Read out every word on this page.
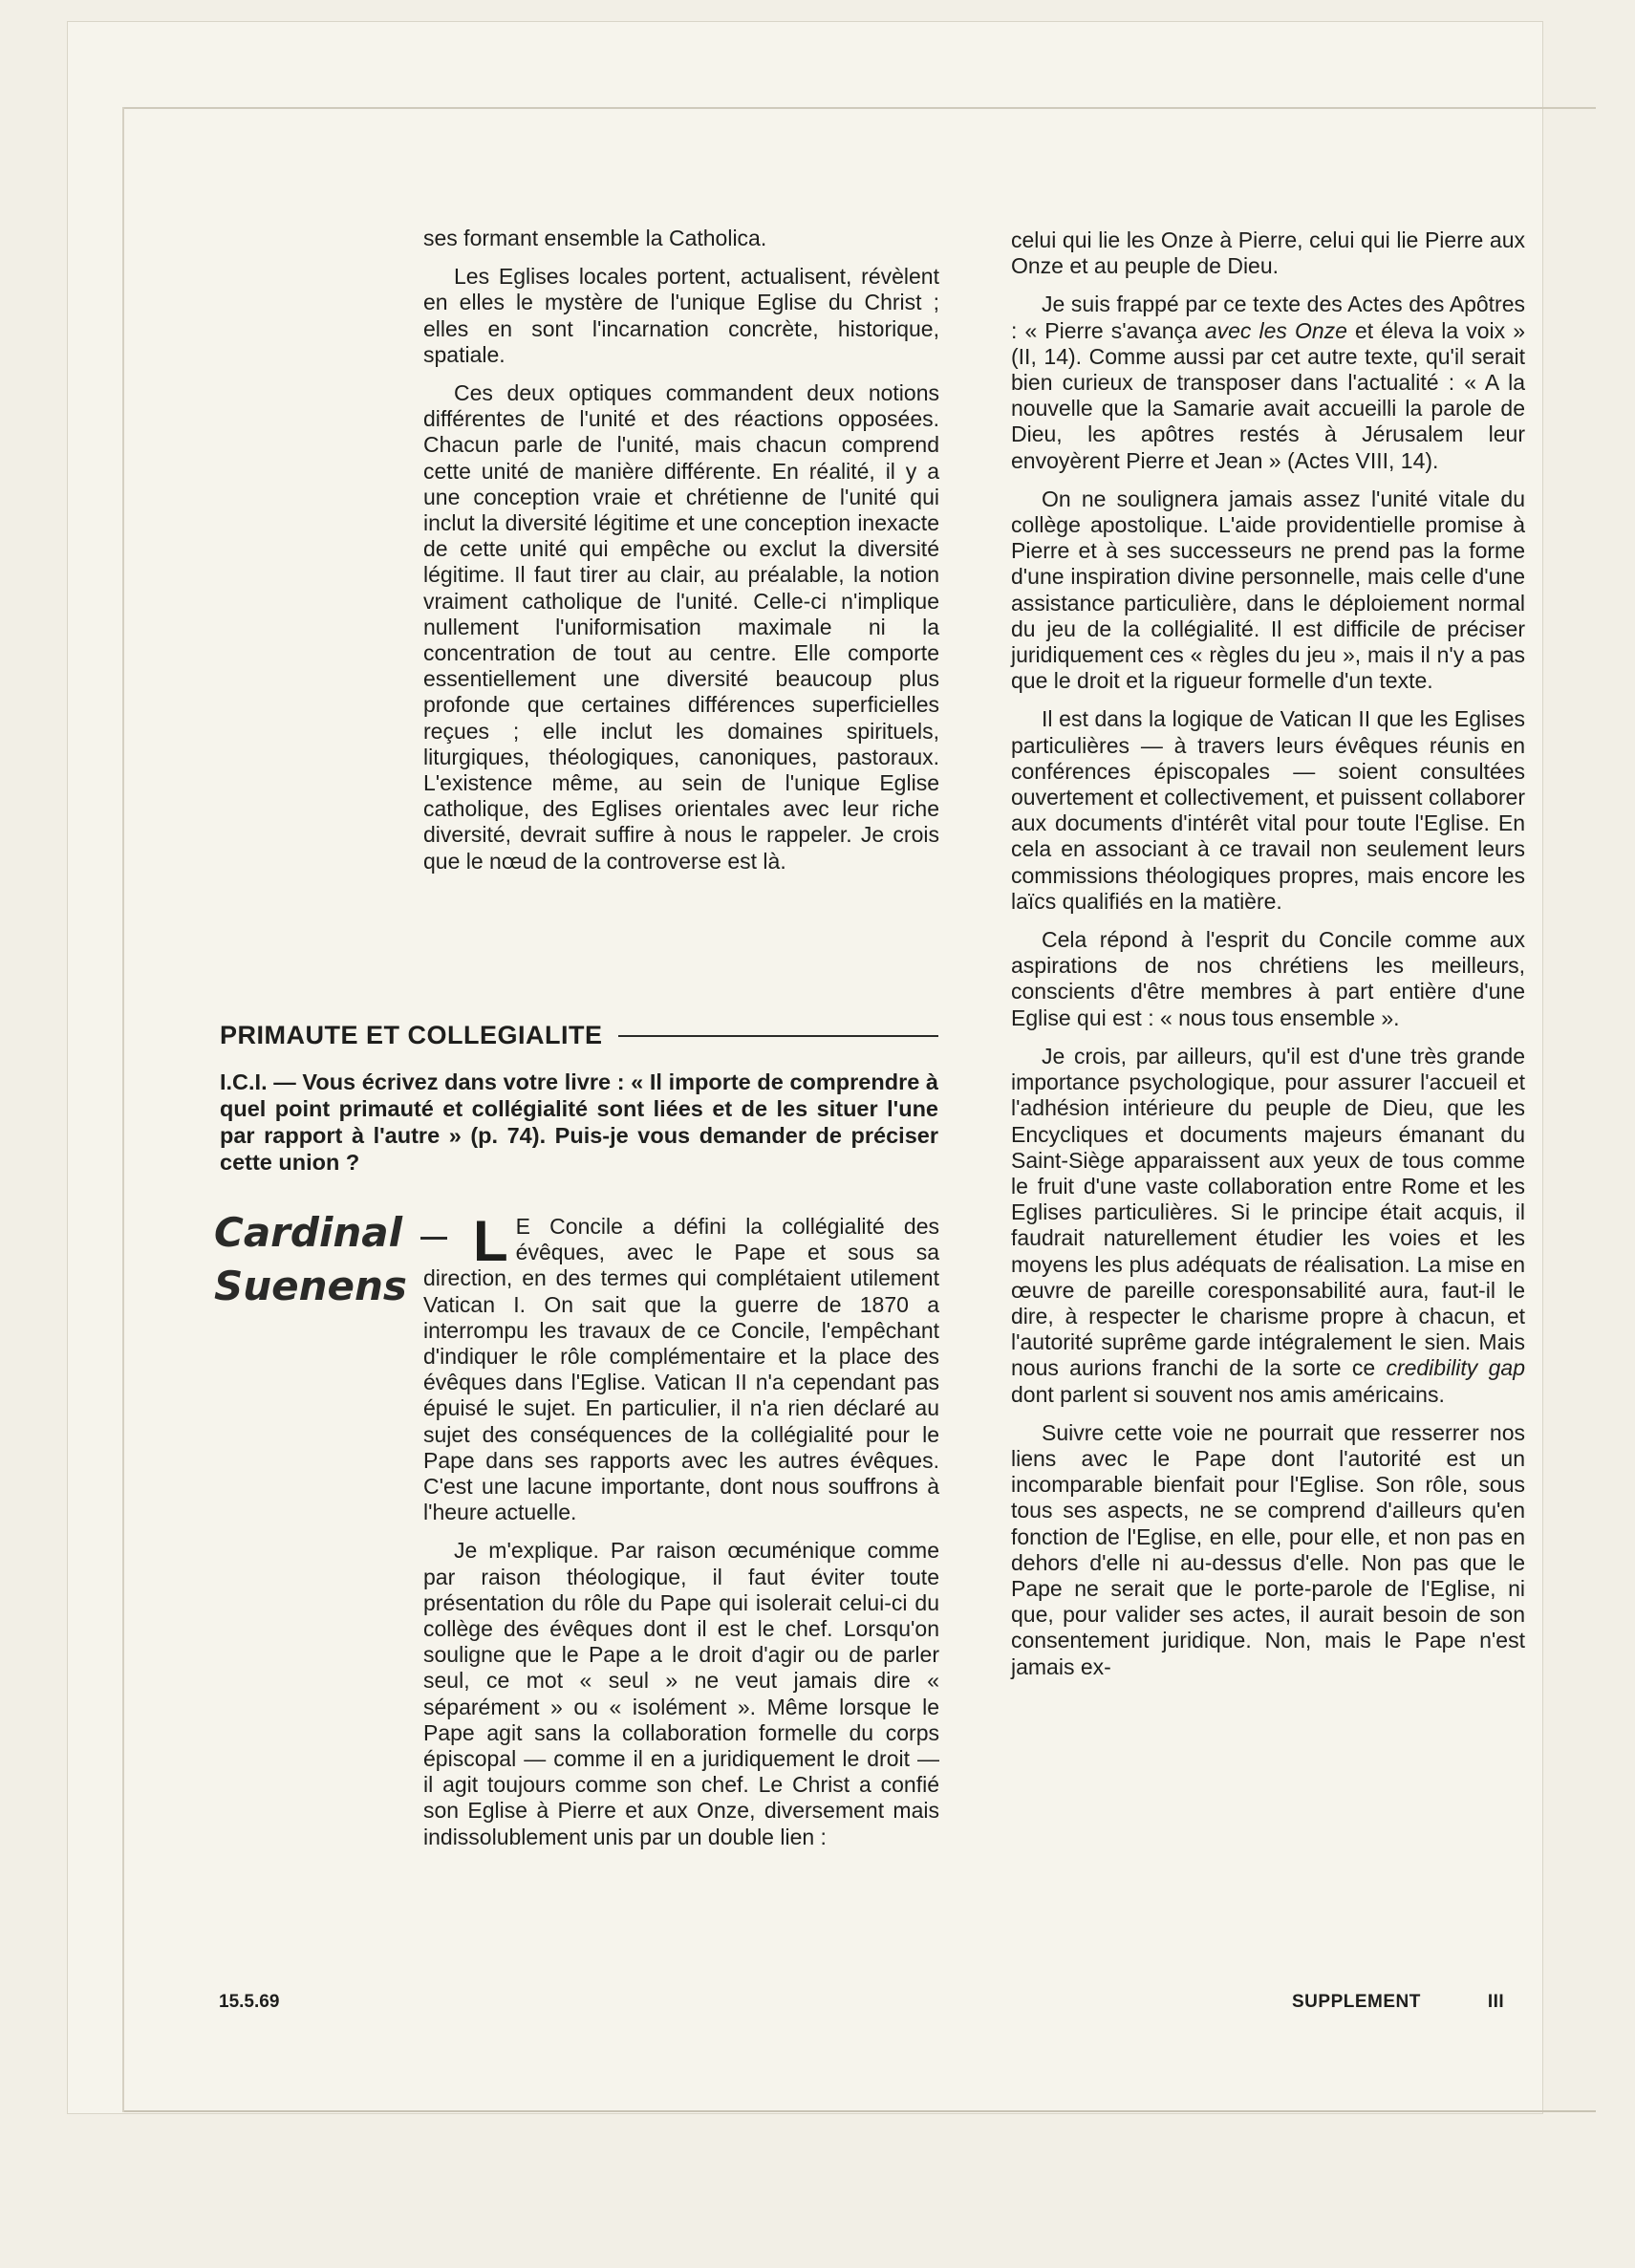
ses formant ensemble la Catholica.

Les Eglises locales portent, actualisent, révèlent en elles le mystère de l'unique Eglise du Christ ; elles en sont l'incarnation concrète, historique, spatiale.

Ces deux optiques commandent deux notions différentes de l'unité et des réactions opposées. Chacun parle de l'unité, mais chacun comprend cette unité de manière différente. En réalité, il y a une conception vraie et chrétienne de l'unité qui inclut la diversité légitime et une conception inexacte de cette unité qui empêche ou exclut la diversité légitime. Il faut tirer au clair, au préalable, la notion vraiment catholique de l'unité. Celle-ci n'implique nullement l'uniformisation maximale ni la concentration de tout au centre. Elle comporte essentiellement une diversité beaucoup plus profonde que certaines différences superficielles reçues ; elle inclut les domaines spirituels, liturgiques, théologiques, canoniques, pastoraux. L'existence même, au sein de l'unique Eglise catholique, des Eglises orientales avec leur riche diversité, devrait suffire à nous le rappeler. Je crois que le nœud de la controverse est là.

PRIMAUTE ET COLLEGIALITE
I.C.I. — Vous écrivez dans votre livre : « Il importe de comprendre à quel point primauté et collégialité sont liées et de les situer l'une par rapport à l'autre » (p. 74). Puis-je vous demander de préciser cette union ?
Cardinal
Suenens

L E Concile a défini la collégialité des évêques, avec le Pape et sous sa direction, en des termes qui complétaient utilement Vatican I. On sait que la guerre de 1870 a interrompu les travaux de ce Concile, l'empêchant d'indiquer le rôle complémentaire et la place des évêques dans l'Eglise. Vatican II n'a cependant pas épuisé le sujet. En particulier, il n'a rien déclaré au sujet des conséquences de la collégialité pour le Pape dans ses rapports avec les autres évêques. C'est une lacune importante, dont nous souffrons à l'heure actuelle.

Je m'explique. Par raison œcuménique comme par raison théologique, il faut éviter toute présentation du rôle du Pape qui isolerait celui-ci du collège des évêques dont il est le chef. Lorsqu'on souligne que le Pape a le droit d'agir ou de parler seul, ce mot « seul » ne veut jamais dire « séparément » ou « isolément ». Même lorsque le Pape agit sans la collaboration formelle du corps épiscopal — comme il en a juridiquement le droit — il agit toujours comme son chef. Le Christ a confié son Eglise à Pierre et aux Onze, diversement mais indissolublement unis par un double lien :

celui qui lie les Onze à Pierre, celui qui lie Pierre aux Onze et au peuple de Dieu.

Je suis frappé par ce texte des Actes des Apôtres : « Pierre s'avança avec les Onze et éleva la voix » (II, 14). Comme aussi par cet autre texte, qu'il serait bien curieux de transposer dans l'actualité : « A la nouvelle que la Samarie avait accueilli la parole de Dieu, les apôtres restés à Jérusalem leur envoyèrent Pierre et Jean » (Actes VIII, 14).

On ne soulignera jamais assez l'unité vitale du collège apostolique. L'aide providentielle promise à Pierre et à ses successeurs ne prend pas la forme d'une inspiration divine personnelle, mais celle d'une assistance particulière, dans le déploiement normal du jeu de la collégialité. Il est difficile de préciser juridiquement ces « règles du jeu », mais il n'y a pas que le droit et la rigueur formelle d'un texte.

Il est dans la logique de Vatican II que les Eglises particulières — à travers leurs évêques réunis en conférences épiscopales — soient consultées ouvertement et collectivement, et puissent collaborer aux documents d'intérêt vital pour toute l'Eglise. En cela en associant à ce travail non seulement leurs commissions théologiques propres, mais encore les laïcs qualifiés en la matière.

Cela répond à l'esprit du Concile comme aux aspirations de nos chrétiens les meilleurs, conscients d'être membres à part entière d'une Eglise qui est : « nous tous ensemble ».

Je crois, par ailleurs, qu'il est d'une très grande importance psychologique, pour assurer l'accueil et l'adhésion intérieure du peuple de Dieu, que les Encycliques et documents majeurs émanant du Saint-Siège apparaissent aux yeux de tous comme le fruit d'une vaste collaboration entre Rome et les Eglises particulières. Si le principe était acquis, il faudrait naturellement étudier les voies et les moyens les plus adéquats de réalisation. La mise en œuvre de pareille coresponsabilité aura, faut-il le dire, à respecter le charisme propre à chacun, et l'autorité suprême garde intégralement le sien. Mais nous aurions franchi de la sorte ce credibility gap dont parlent si souvent nos amis américains.

Suivre cette voie ne pourrait que resserrer nos liens avec le Pape dont l'autorité est un incomparable bienfait pour l'Eglise. Son rôle, sous tous ses aspects, ne se comprend d'ailleurs qu'en fonction de l'Eglise, en elle, pour elle, et non pas en dehors d'elle ni au-dessus d'elle. Non pas que le Pape ne serait que le porte-parole de l'Eglise, ni que, pour valider ses actes, il aurait besoin de son consentement juridique. Non, mais le Pape n'est jamais ex-

15.5.69	SUPPLEMENT	III
